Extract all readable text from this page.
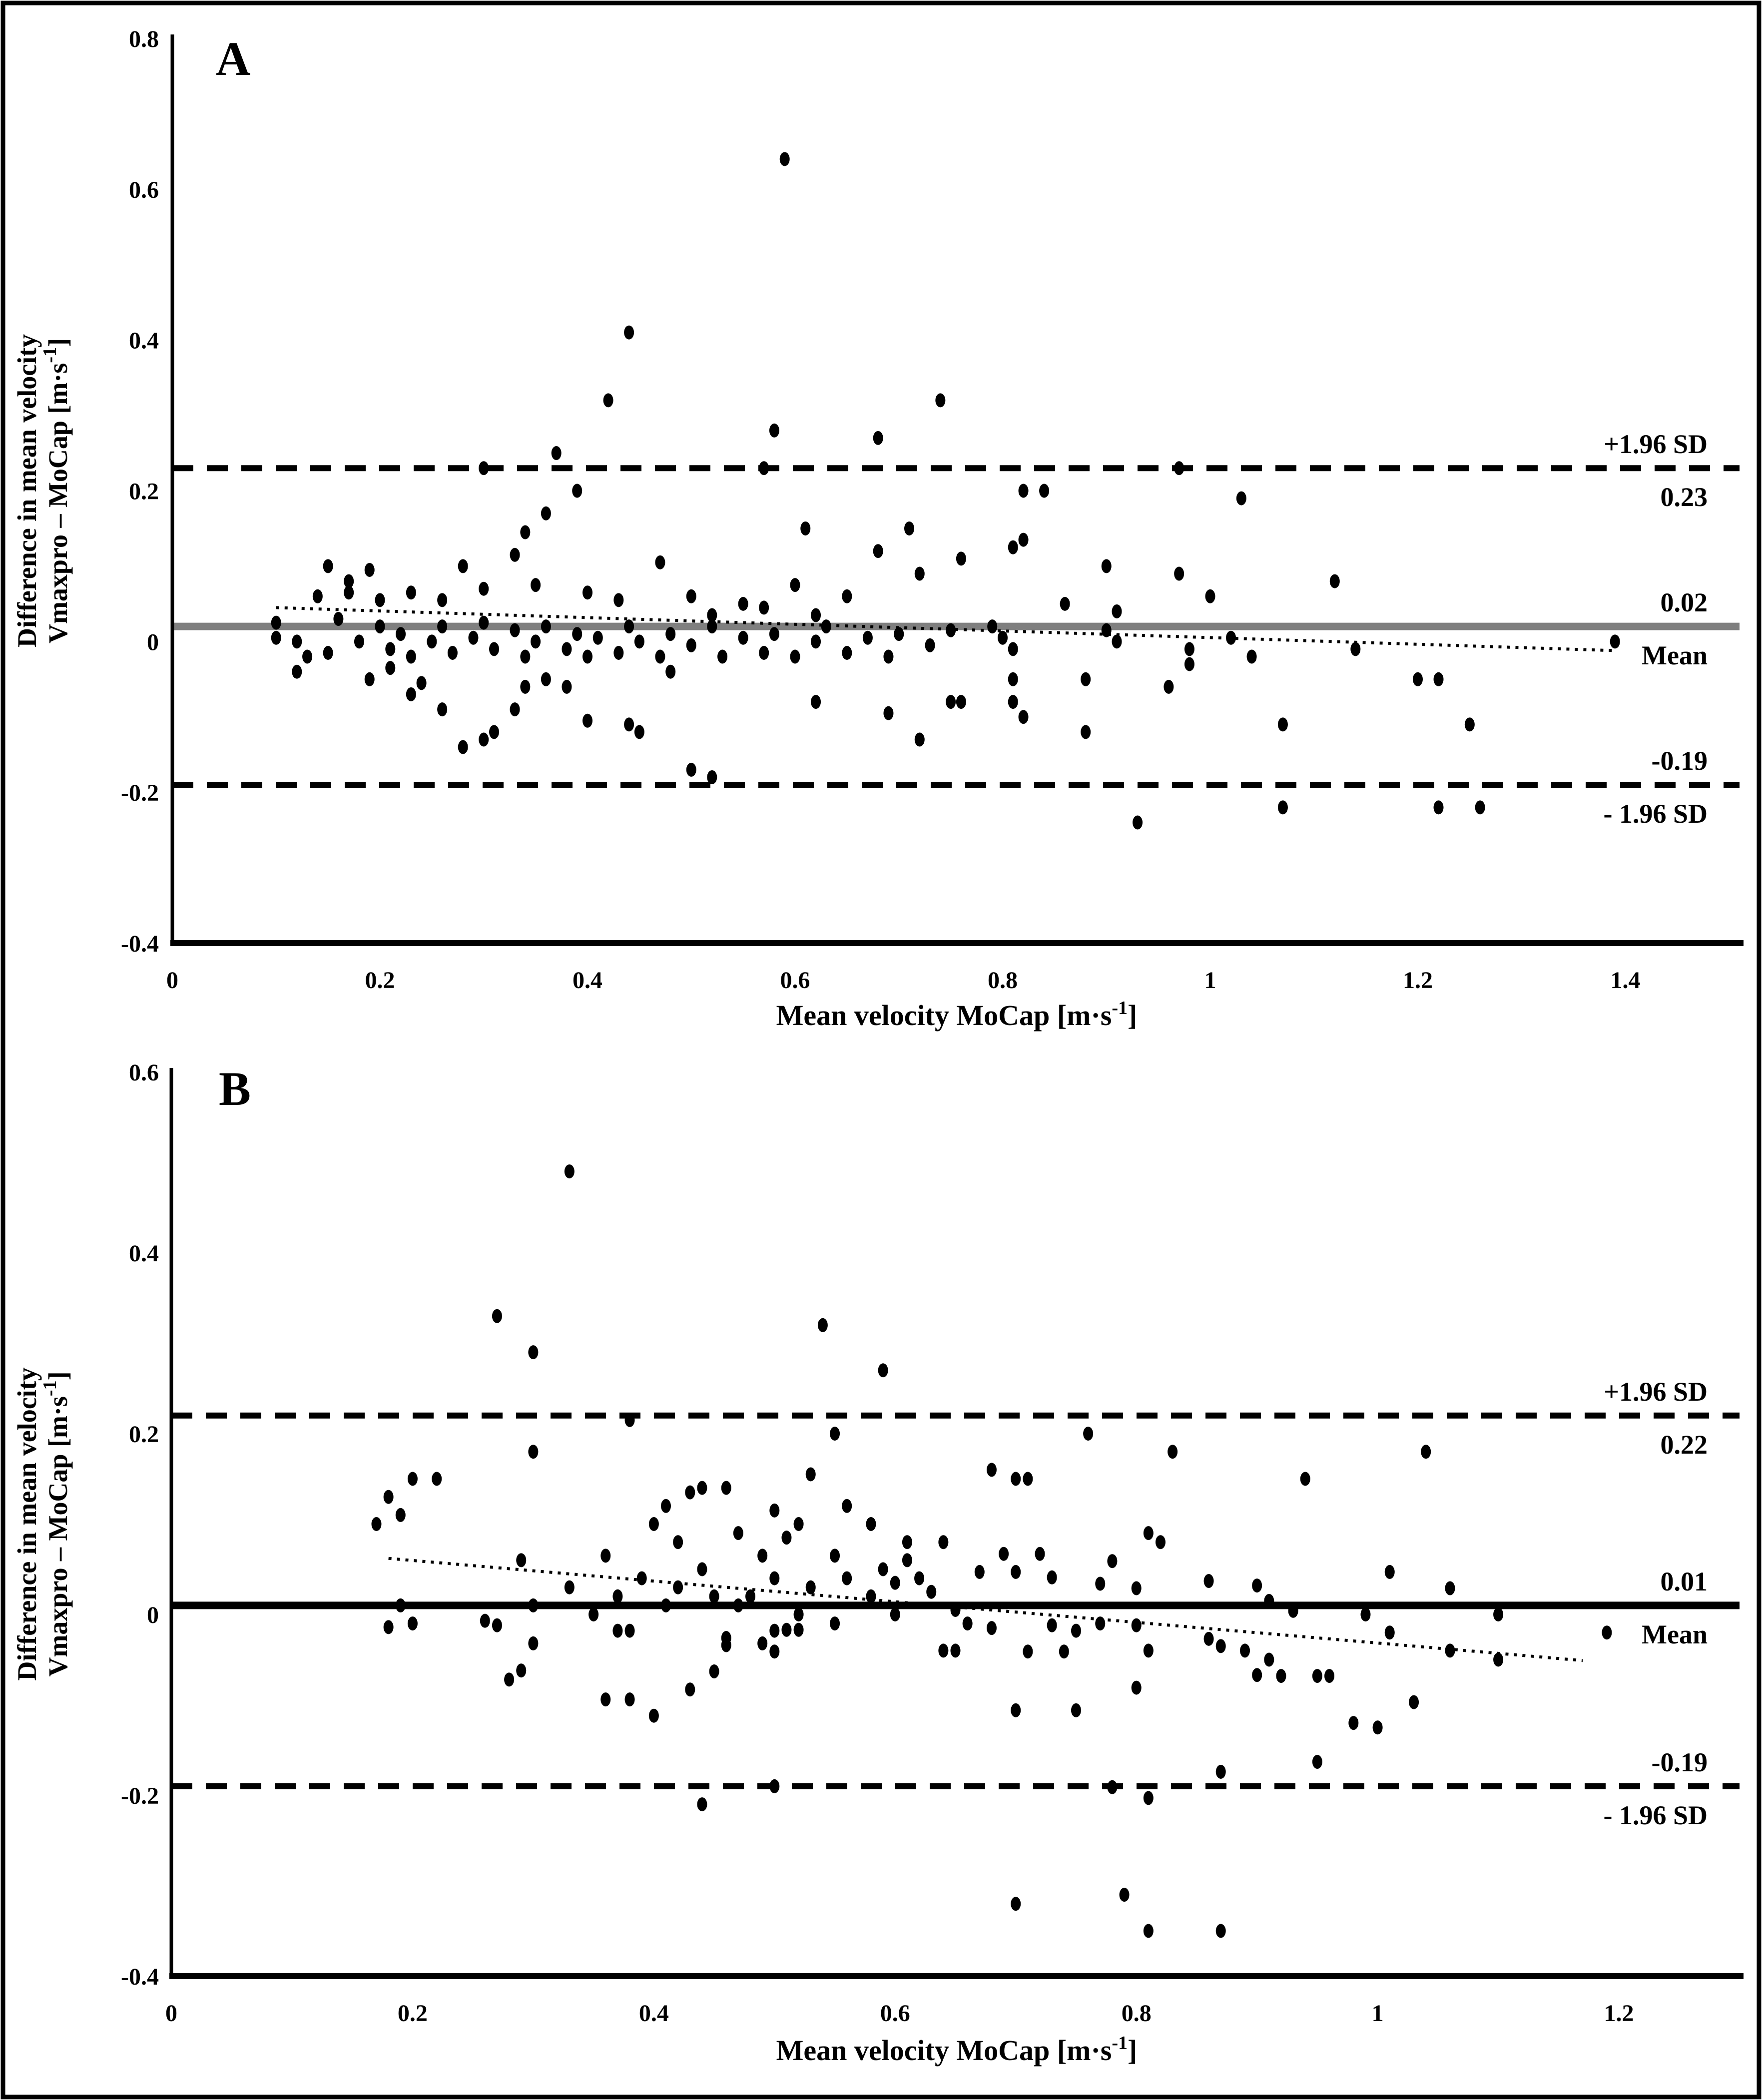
+1.96 SD
0.23
0.02
Mean
-0.19
- 1.96 SD
0.8
0.6
0.4
0.2
0
-0.2
-0.4
0	0.2	0.4	0.6	0.8	1	1.2	1.4
A
Mean velocity MoCap $[m\cdot s^{-1}]$
Difference in mean velocity Vmaxpro – MoCap $[m\cdot s^{-1}]$
+1.96 SD
0.22
0.01
Mean
-0.19
- 1.96 SD
0.6
0.4
0.2
0
-0.2
-0.4
0	0.2	0.4	0.6	0.8	1	1.2
B
Mean velocity MoCap $[m\cdot s^{-1}]$
Difference in mean velocity Vmaxpro – MoCap $[m\cdot s^{-1}]$
